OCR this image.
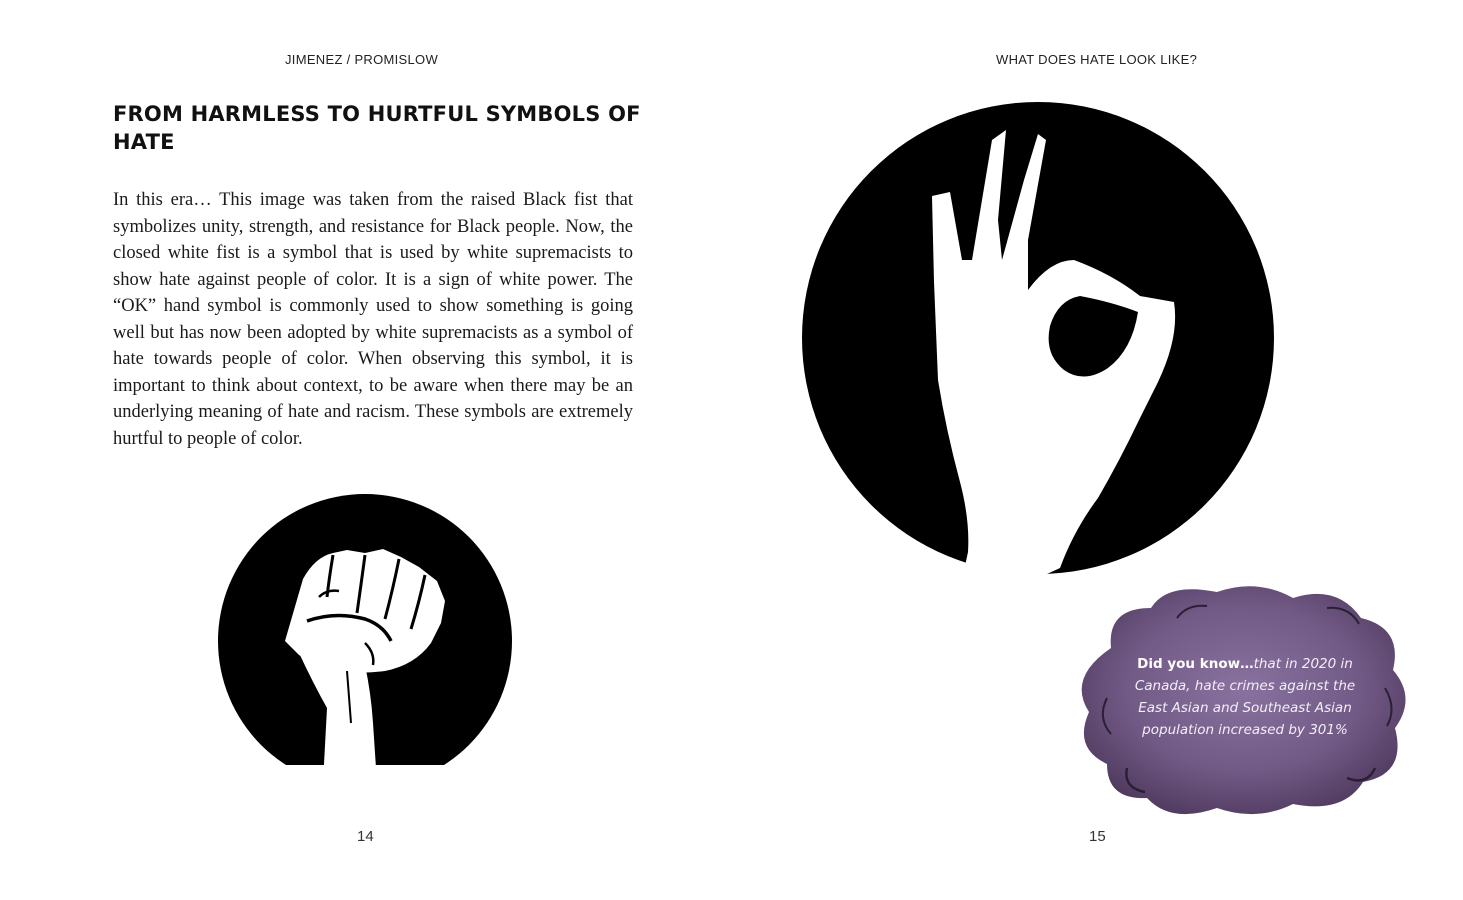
JIMENEZ / PROMISLOW
FROM HARMLESS TO HURTFUL SYMBOLS OF HATE

In this era… This image was taken from the raised Black fist that symbolizes unity, strength, and resistance for Black people. Now, the closed white fist is a symbol that is used by white supremacists to show hate against people of color. It is a sign of white power. The “OK” hand symbol is commonly used to show something is going well but has now been adopted by white supremacists as a symbol of hate towards people of color. When observing this symbol, it is important to think about context, to be aware when there may be an underlying meaning of hate and racism. These symbols are extremely hurtful to people of color.

14
WHAT DOES HATE LOOK LIKE?
Did you know…that in 2020 in Canada, hate crimes against the East Asian and Southeast Asian population increased by 301%
15
